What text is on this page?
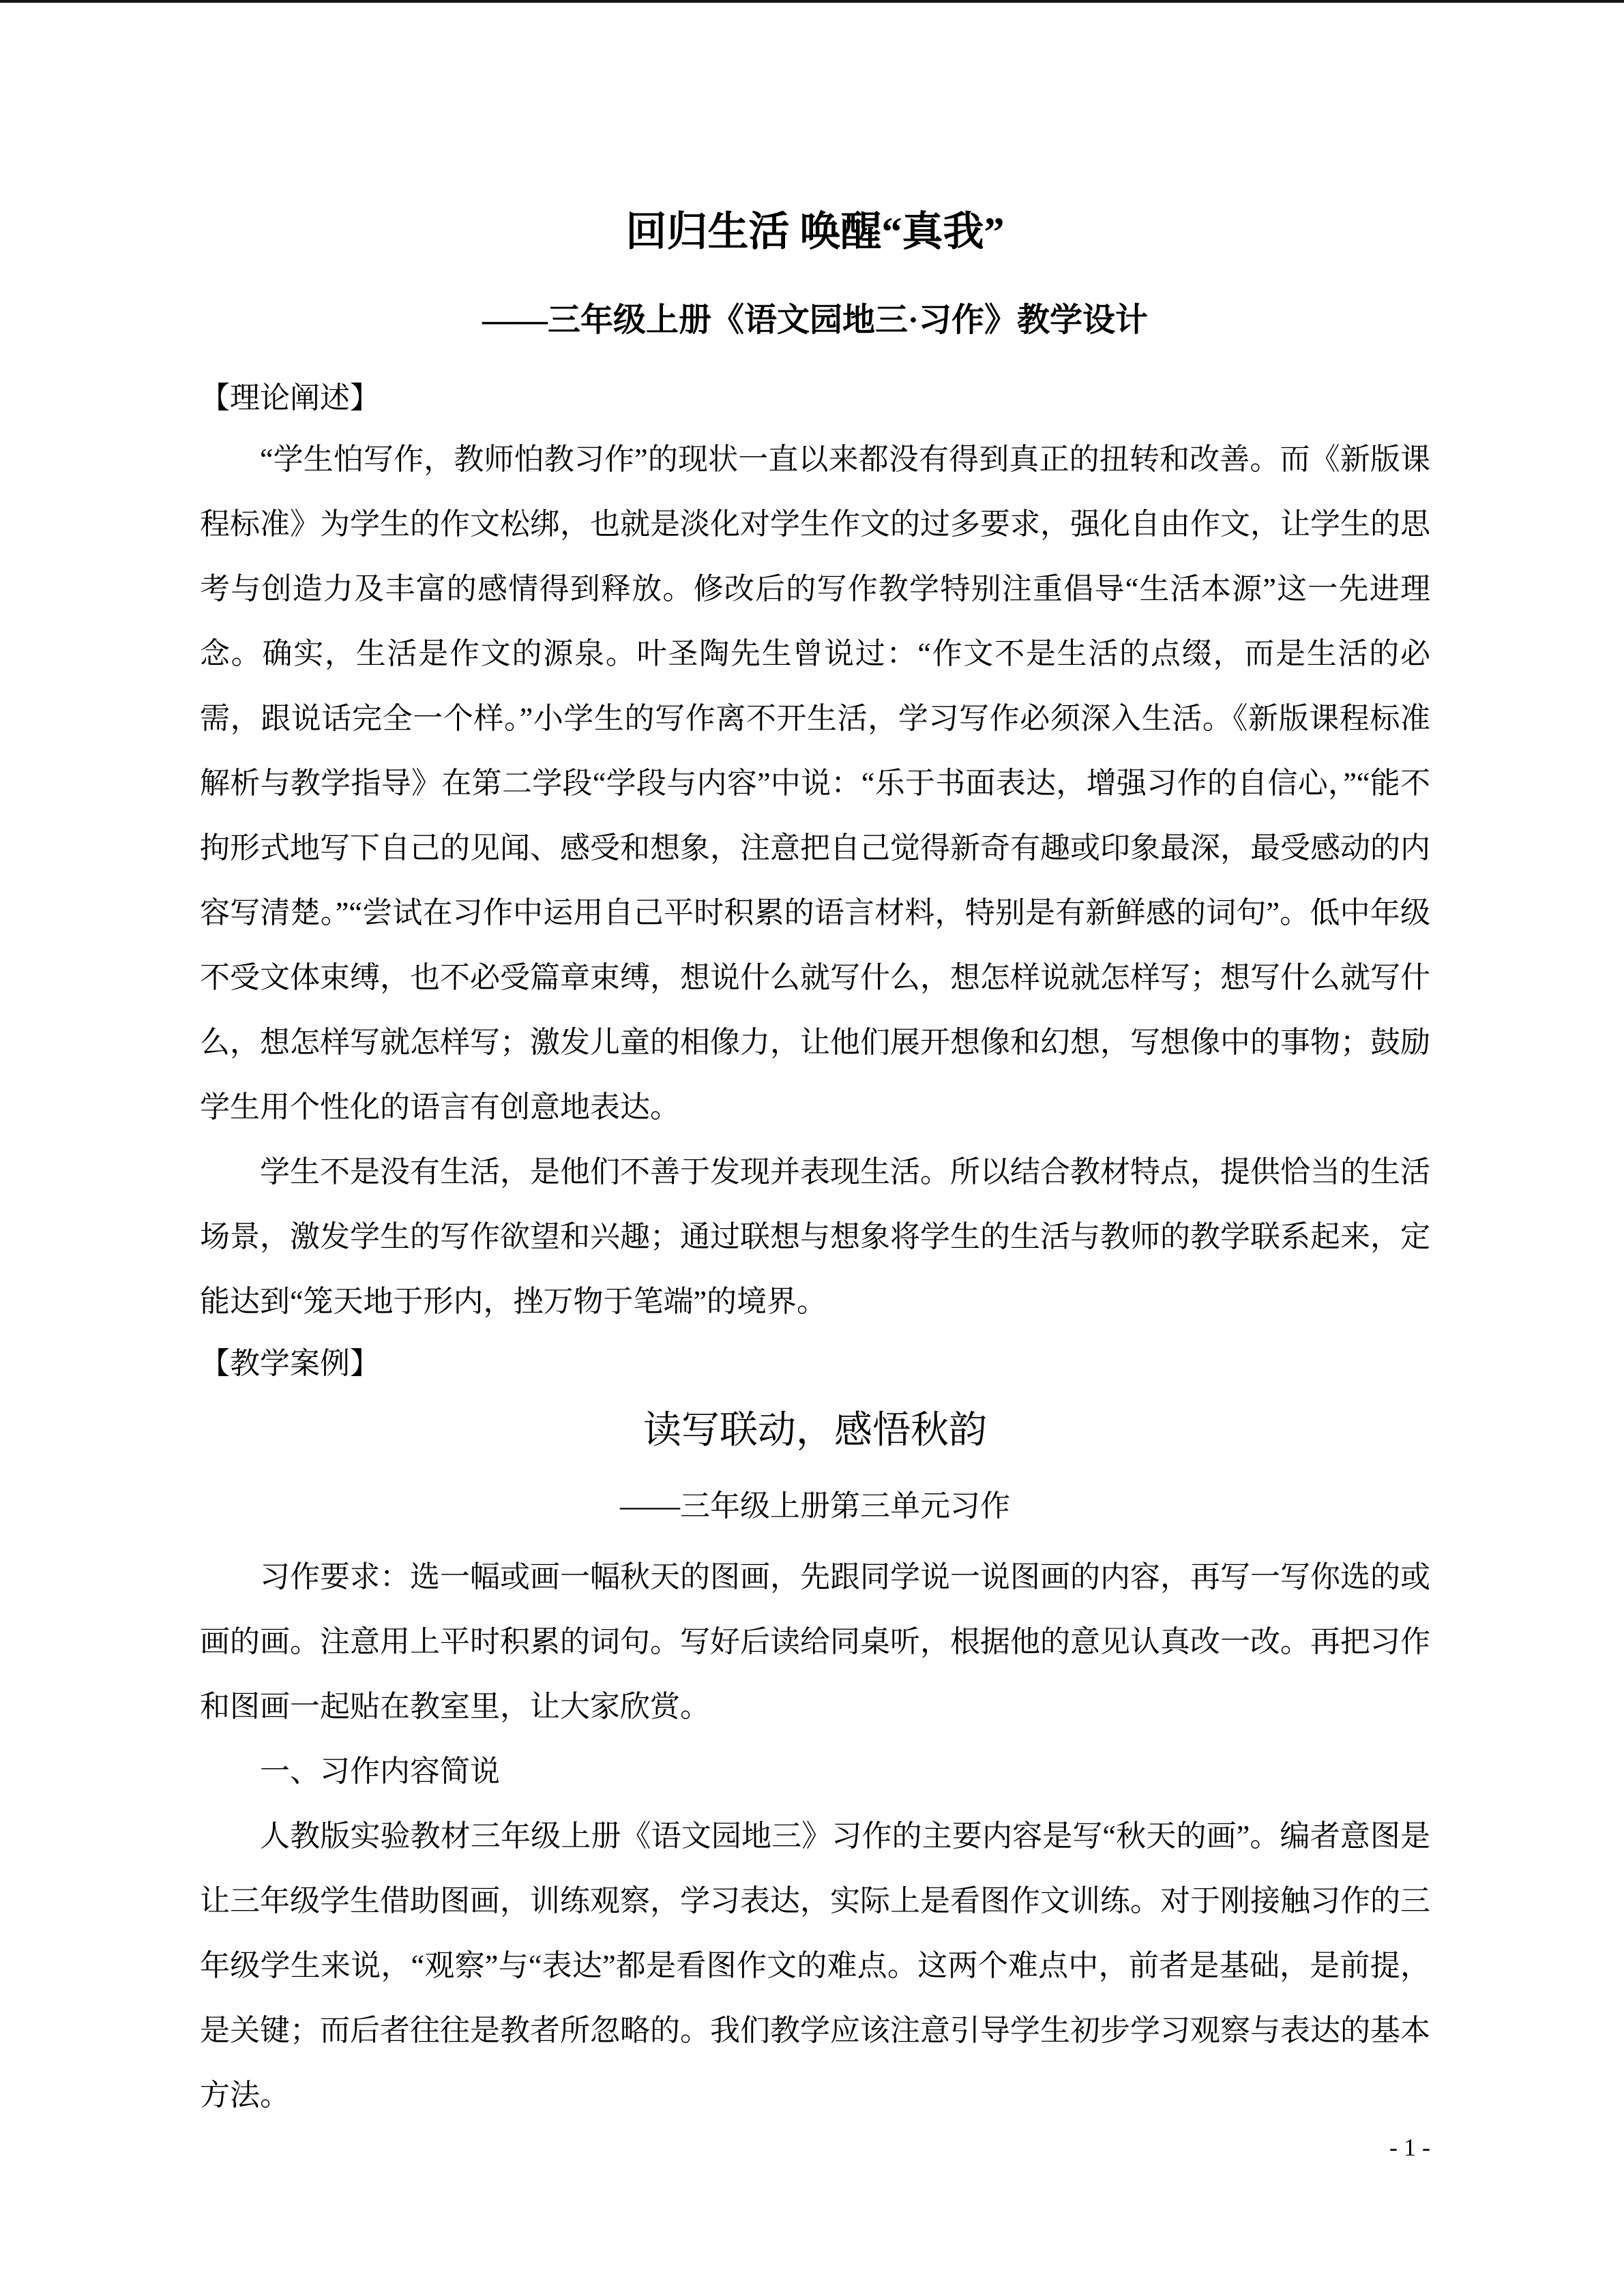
回归生活 唤醒“真我”
——三年级上册《语文园地三·习作》教学设计
【理论阐述】

“学生怕写作，教师怕教习作”的现状一直以来都没有得到真正的扭转和改善。而《新版课程标准》为学生的作文松绑，也就是淡化对学生作文的过多要求，强化自由作文，让学生的思考与创造力及丰富的感情得到释放。修改后的写作教学特别注重倡导“生活本源”这一先进理念。确实，生活是作文的源泉。叶圣陶先生曾说过：“作文不是生活的点缀，而是生活的必需，跟说话完全一个样。”小学生的写作离不开生活，学习写作必须深入生活。《新版课程标准解析与教学指导》在第二学段“学段与内容”中说：“乐于书面表达，增强习作的自信心，”“能不拘形式地写下自己的见闻、感受和想象，注意把自己觉得新奇有趣或印象最深，最受感动的内容写清楚。”“尝试在习作中运用自己平时积累的语言材料，特别是有新鲜感的词句”。低中年级不受文体束缚，也不必受篇章束缚，想说什么就写什么，想怎样说就怎样写；想写什么就写什么，想怎样写就怎样写；激发儿童的相像力，让他们展开想像和幻想，写想像中的事物；鼓励学生用个性化的语言有创意地表达。

学生不是没有生活，是他们不善于发现并表现生活。所以结合教材特点，提供恰当的生活场景，激发学生的写作欲望和兴趣；通过联想与想象将学生的生活与教师的教学联系起来，定能达到“笼天地于形内，挫万物于笔端”的境界。

【教学案例】
读写联动，感悟秋韵
——三年级上册第三单元习作

习作要求：选一幅或画一幅秋天的图画，先跟同学说一说图画的内容，再写一写你选的或画的画。注意用上平时积累的词句。写好后读给同桌听，根据他的意见认真改一改。再把习作和图画一起贴在教室里，让大家欣赏。

一、习作内容简说

人教版实验教材三年级上册《语文园地三》习作的主要内容是写“秋天的画”。编者意图是让三年级学生借助图画，训练观察，学习表达，实际上是看图作文训练。对于刚接触习作的三年级学生来说，“观察”与“表达”都是看图作文的难点。这两个难点中，前者是基础，是前提，是关键；而后者往往是教者所忽略的。我们教学应该注意引导学生初步学习观察与表达的基本方法。

- 1 -
